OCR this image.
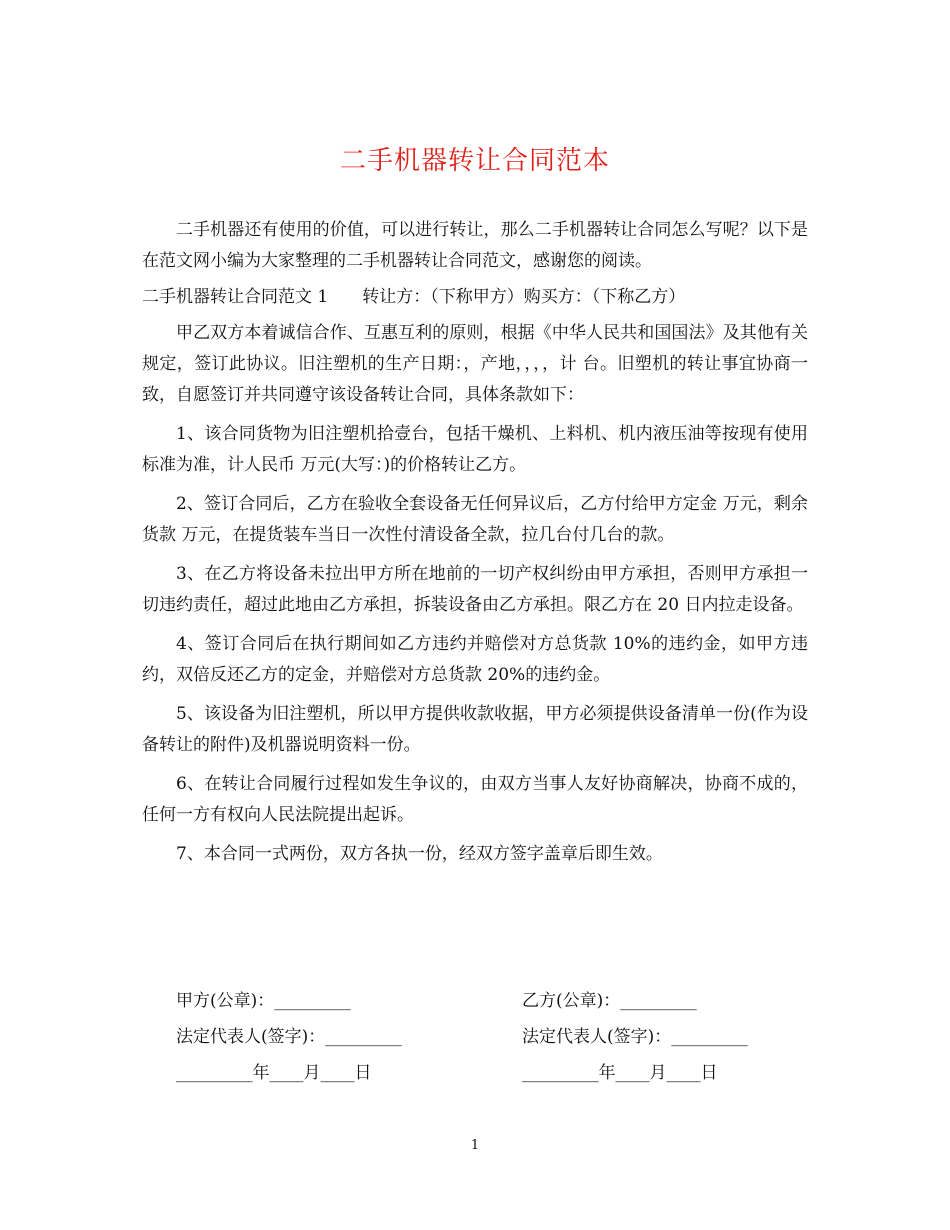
二手机器转让合同范本

二手机器还有使用的价值，可以进行转让，那么二手机器转让合同怎么写呢？以下是在范文网小编为大家整理的二手机器转让合同范文，感谢您的阅读。

二手机器转让合同范文 1　　转让方：（下称甲方）购买方：（下称乙方）

甲乙双方本着诚信合作、互惠互利的原则，根据《中华人民共和国国法》及其他有关规定，签订此协议。旧注塑机的生产日期：，产地，，，，计 台。旧塑机的转让事宜协商一致，自愿签订并共同遵守该设备转让合同，具体条款如下：

1、该合同货物为旧注塑机拾壹台，包括干燥机、上料机、机内液压油等按现有使用标准为准，计人民币 万元(大写：)的价格转让乙方。

2、签订合同后，乙方在验收全套设备无任何异议后，乙方付给甲方定金 万元，剩余货款 万元，在提货装车当日一次性付清设备全款，拉几台付几台的款。

3、在乙方将设备未拉出甲方所在地前的一切产权纠纷由甲方承担，否则甲方承担一切违约责任，超过此地由乙方承担，拆装设备由乙方承担。限乙方在 20 日内拉走设备。

4、签订合同后在执行期间如乙方违约并赔偿对方总货款 10%的违约金，如甲方违约，双倍反还乙方的定金，并赔偿对方总货款 20%的违约金。

5、该设备为旧注塑机，所以甲方提供收款收据，甲方必须提供设备清单一份(作为设备转让的附件)及机器说明资料一份。

6、在转让合同履行过程如发生争议的，由双方当事人友好协商解决，协商不成的，任何一方有权向人民法院提出起诉。

7、本合同一式两份，双方各执一份，经双方签字盖章后即生效。

甲方(公章)：_________	乙方(公章)：_________
法定代表人(签字)：_________	法定代表人(签字)：_________
_________年____月____日	_________年____月____日
1
